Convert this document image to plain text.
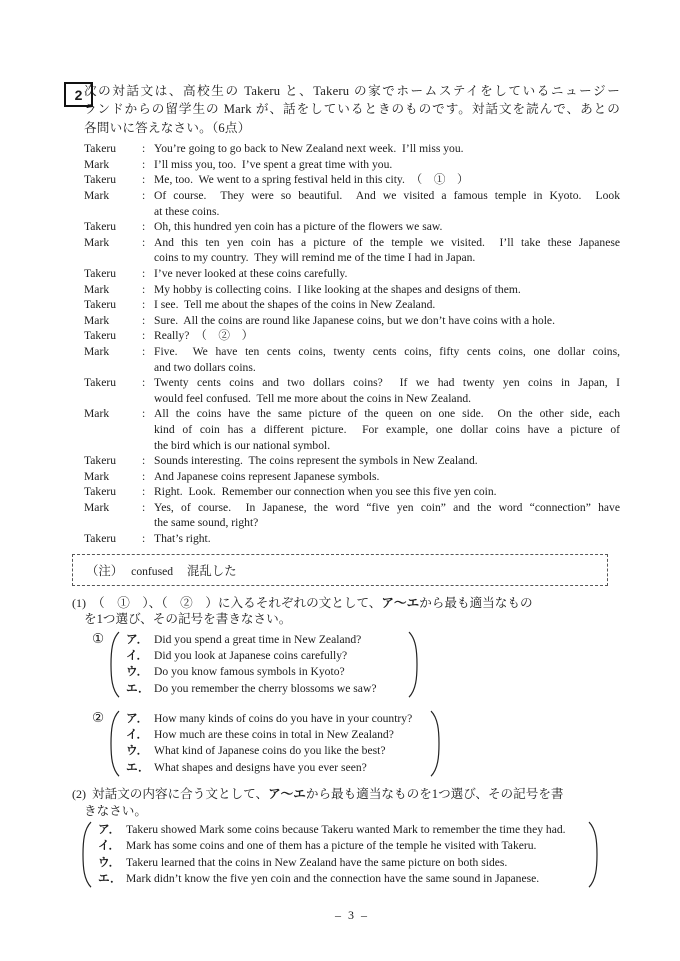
2 次の対話文は、高校生の Takeru と、Takeru の家でホームステイをしているニュージー
ランドからの留学生の Mark が、話をしているときのものです。対話文を読んで、あとの
各問いに答えなさい。（6点）
Takeru	: You’re going to go back to New Zealand next week.  I’ll miss you.
Mark	: I’ll miss you, too.  I’ve spent a great time with you.
Takeru	: Me, too.  We went to a spring festival held in this city.  （　①　）
Mark	: Of course.  They were so beautiful.  And we visited a famous temple in Kyoto.  Look
at these coins.
Takeru	: Oh, this hundred yen coin has a picture of the flowers we saw.
Mark	: And this ten yen coin has a picture of the temple we visited.  I’ll take these Japanese
coins to my country.  They will remind me of the time I had in Japan.
Takeru	: I’ve never looked at these coins carefully.
Mark	: My hobby is collecting coins.  I like looking at the shapes and designs of them.
Takeru	: I see.  Tell me about the shapes of the coins in New Zealand.
Mark	: Sure.  All the coins are round like Japanese coins, but we don’t have coins with a hole.
Takeru	: Really?  （　②　）
Mark	: Five.  We have ten cents coins, twenty cents coins, fifty cents coins, one dollar coins,
and two dollars coins.
Takeru	: Twenty cents coins and two dollars coins?  If we had twenty yen coins in Japan, I
would feel confused.  Tell me more about the coins in New Zealand.
Mark	: All the coins have the same picture of the queen on one side.  On the other side, each
kind of coin has a different picture.  For example, one dollar coins have a picture of
the bird which is our national symbol.
Takeru	: Sounds interesting.  The coins represent the symbols in New Zealand.
Mark	: And Japanese coins represent Japanese symbols.
Takeru	: Right.  Look.  Remember our connection when you see this five yen coin.
Mark	: Yes, of course.  In Japanese, the word “five yen coin” and the word “connection” have
the same sound, right?
Takeru	: That’s right.
（注） confused 混乱した
(1) （　①　）、（　②　）に入るそれぞれの文として、ア～エから最も適当なもの
を1つ選び、その記号を書きなさい。
①	ア． Did you spend a great time in New Zealand?
イ． Did you look at Japanese coins carefully?
ウ． Do you know famous symbols in Kyoto?
エ． Do you remember the cherry blossoms we saw?
②	ア． How many kinds of coins do you have in your country?
イ． How much are these coins in total in New Zealand?
ウ． What kind of Japanese coins do you like the best?
エ． What shapes and designs have you ever seen?
(2) 対話文の内容に合う文として、ア～エから最も適当なものを1つ選び、その記号を書
きなさい。
ア． Takeru showed Mark some coins because Takeru wanted Mark to remember the time they had.
イ． Mark has some coins and one of them has a picture of the temple he visited with Takeru.
ウ． Takeru learned that the coins in New Zealand have the same picture on both sides.
エ． Mark didn’t know the five yen coin and the connection have the same sound in Japanese.
– 3 –
